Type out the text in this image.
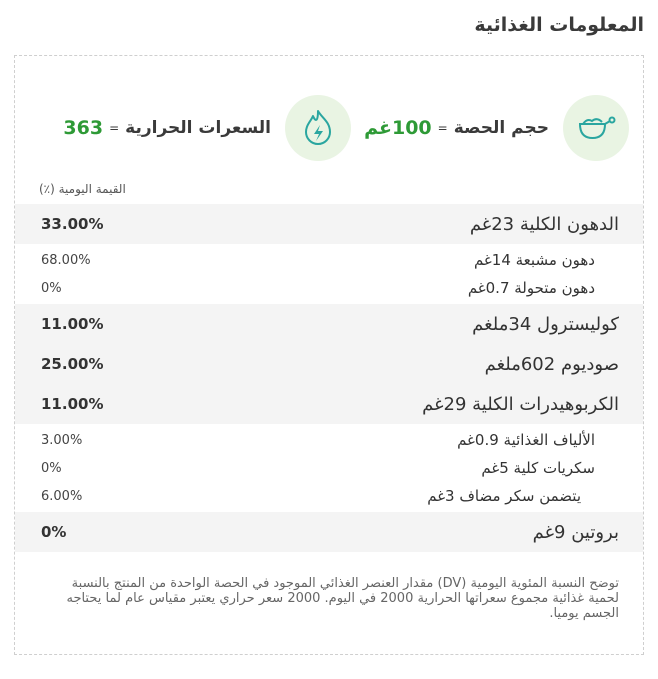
المعلومات الغذائية
حجم الحصة
=
100غم
السعرات الحرارية
=
363
القيمة اليومية (٪)
الدهون الكلية 23غم
33.00%
دهون مشبعة 14غم
68.00%
دهون متحولة 0.7غم
0%
كوليسترول 34ملغم
11.00%
صوديوم 602ملغم
25.00%
الكربوهيدرات الكلية 29غم
11.00%
الألياف الغذائية 0.9غم
3.00%
سكريات كلية 5غم
0%
يتضمن سكر مضاف 3غم
6.00%
بروتين 9غم
0%

توضح النسبة المئوية اليومية (DV) مقدار العنصر الغذائي الموجود في الحصة الواحدة من المنتج بالنسبة لحمية غذائية مجموع سعراتها الحرارية 2000 في اليوم. 2000 سعر حراري يعتبر مقياس عام لما يحتاجه الجسم يوميا.
